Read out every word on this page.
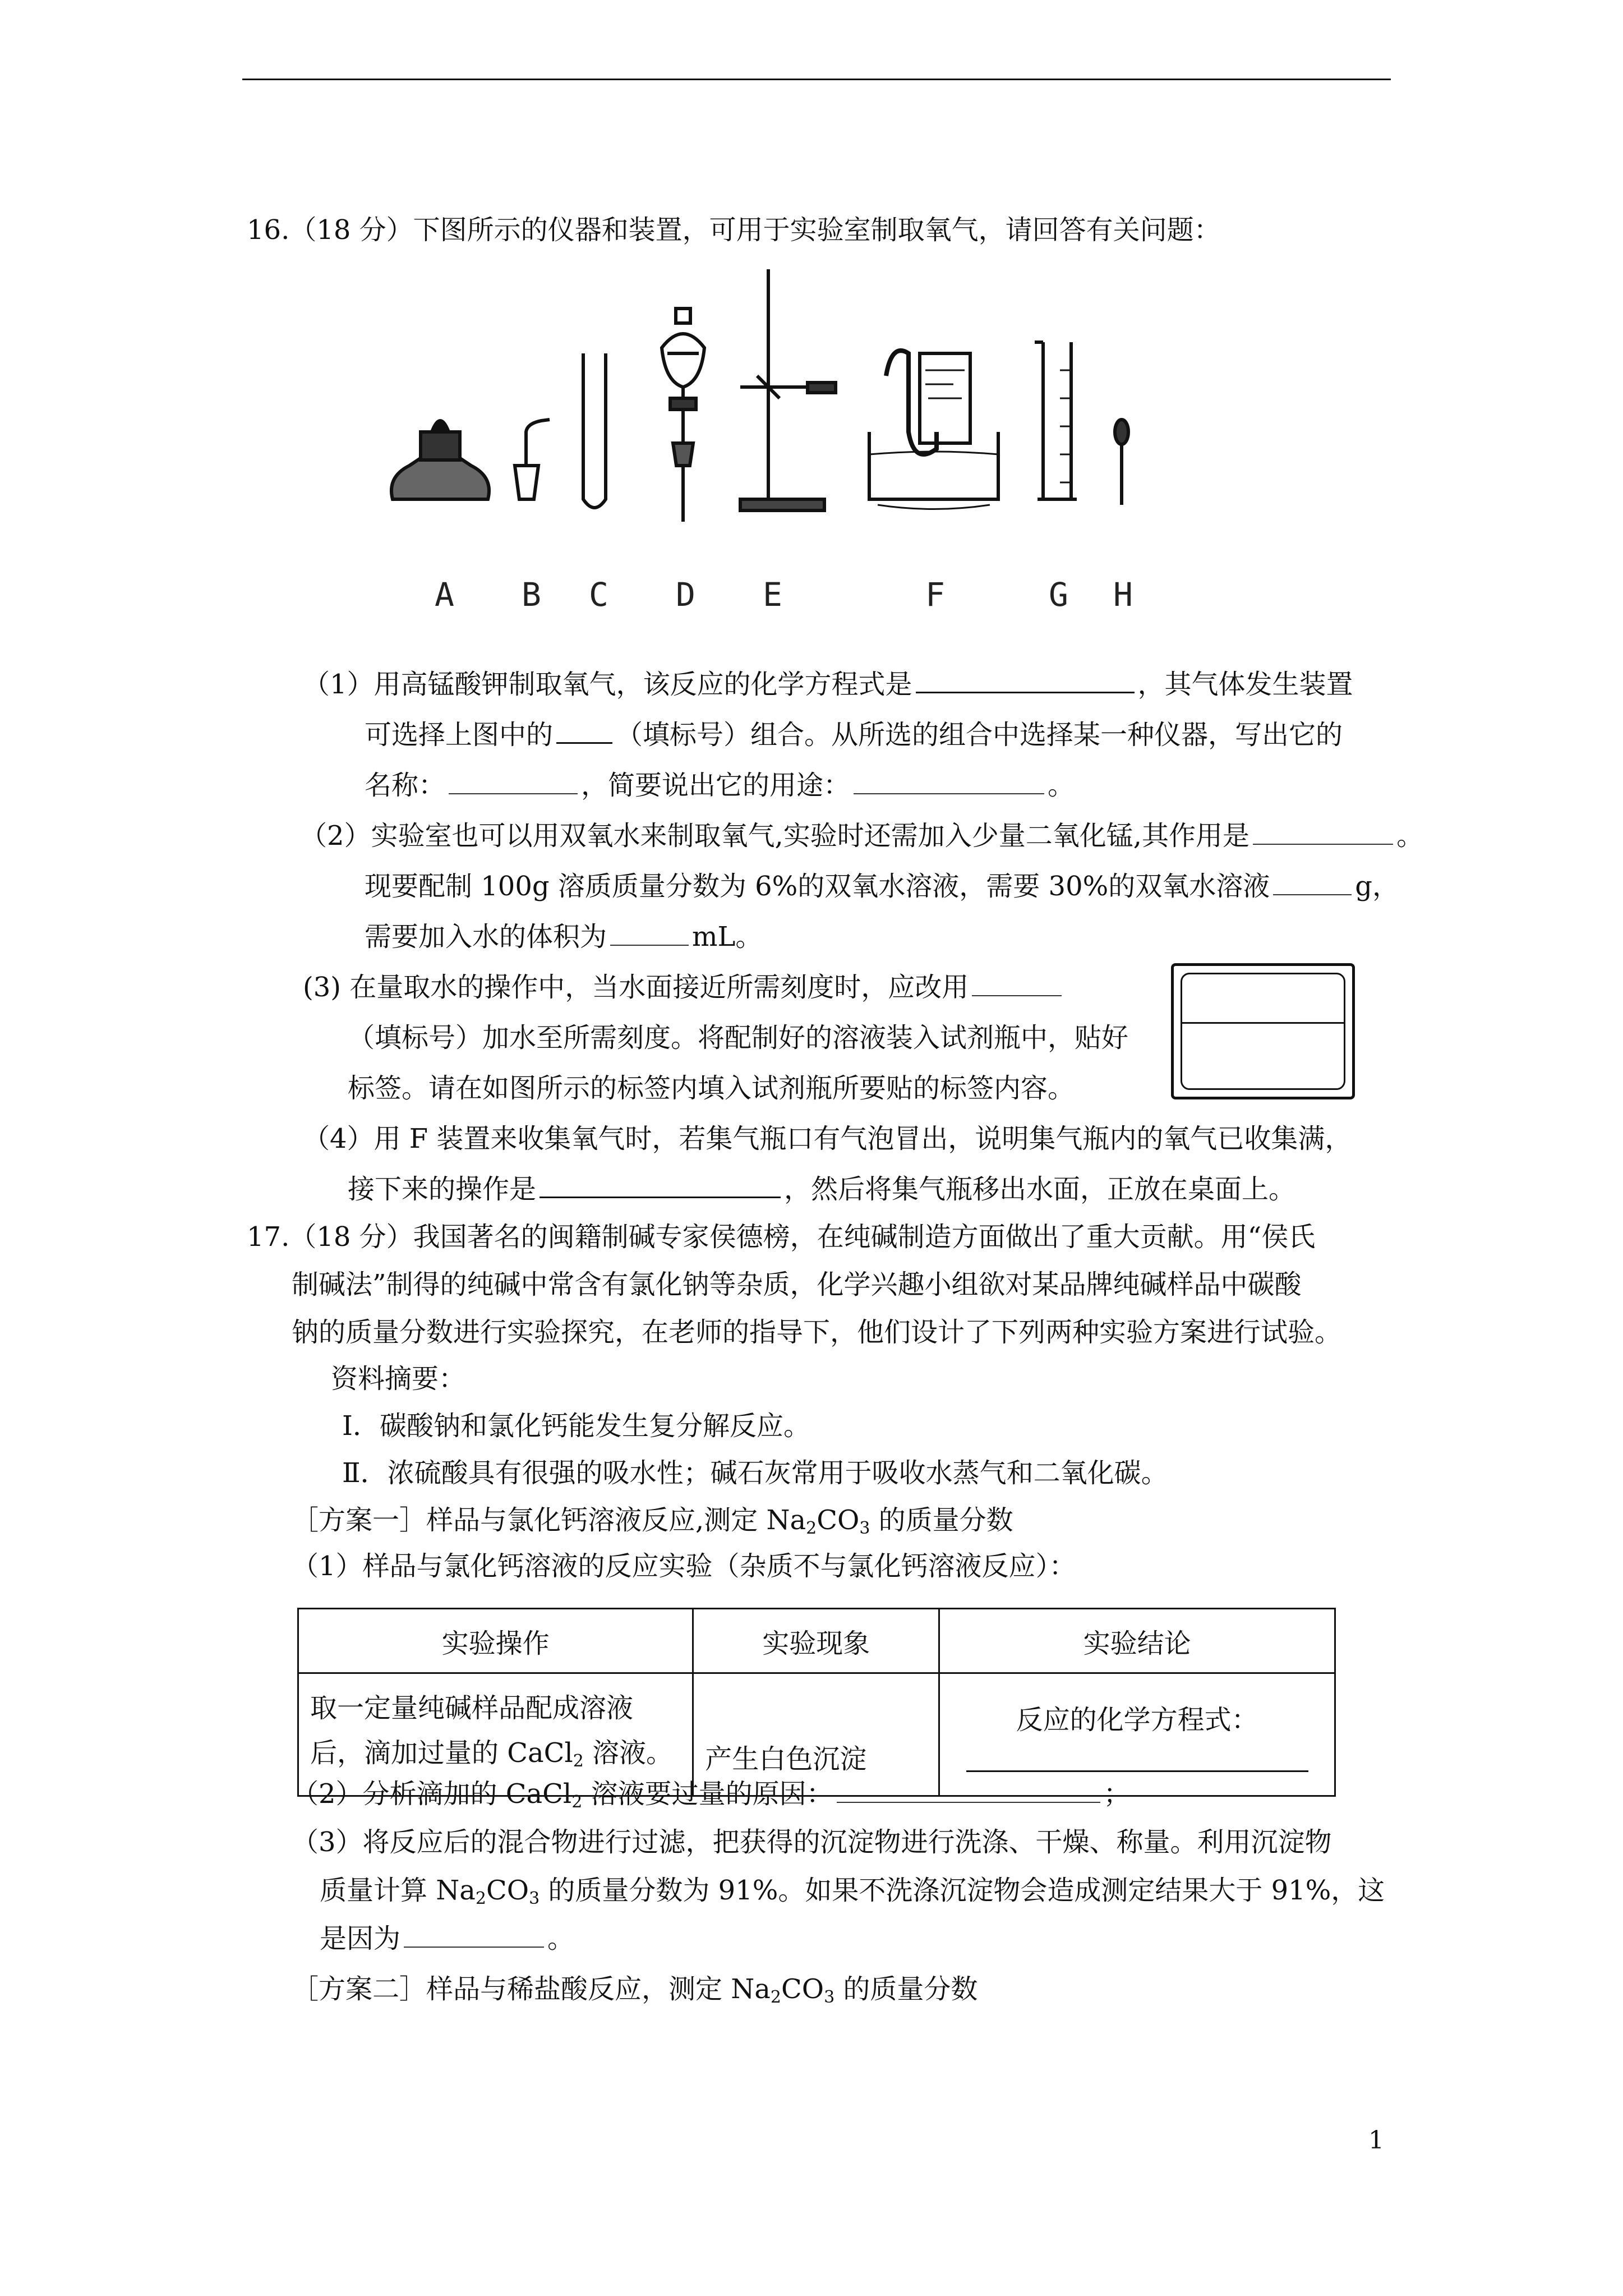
16.（18 分）下图所示的仪器和装置，可用于实验室制取氧气，请回答有关问题：
A B C D E	F	G H
（1）用高锰酸钾制取氧气，该反应的化学方程式是	，其气体发生装置
可选择上图中的 （填标号）组合。从所选的组合中选择某一种仪器，写出它的
名称：	，简要说出它的用途：	。
（2）实验室也可以用双氧水来制取氧气,实验时还需加入少量二氧化锰,其作用是	。
现要配制 100g 溶质质量分数为 6%的双氧水溶液，需要 30%的双氧水溶液	g，
需要加入水的体积为	mL。
(3) 在量取水的操作中，当水面接近所需刻度时，应改用
（填标号）加水至所需刻度。将配制好的溶液装入试剂瓶中，贴好
标签。请在如图所示的标签内填入试剂瓶所要贴的标签内容。
（4）用 F 装置来收集氧气时，若集气瓶口有气泡冒出，说明集气瓶内的氧气已收集满，
接下来的操作是	，然后将集气瓶移出水面，正放在桌面上。
17.（18 分）我国著名的闽籍制碱专家侯德榜，在纯碱制造方面做出了重大贡献。用“侯氏
制碱法”制得的纯碱中常含有氯化钠等杂质，化学兴趣小组欲对某品牌纯碱样品中碳酸
钠的质量分数进行实验探究，在老师的指导下，他们设计了下列两种实验方案进行试验。
资料摘要：
Ⅰ．碳酸钠和氯化钙能发生复分解反应。
Ⅱ．浓硫酸具有很强的吸水性；碱石灰常用于吸收水蒸气和二氧化碳。
［方案一］样品与氯化钙溶液反应,测定 $Na_2CO_3$ 的质量分数
（1）样品与氯化钙溶液的反应实验（杂质不与氯化钙溶液反应）：
实验操作	实验现象	实验结论

取一定量纯碱样品配成溶液
后，滴加过量的 CaCl$_2$ 溶液。	产生白色沉淀	反应的化学方程式：
（2）分析滴加的 CaCl$_2$ 溶液要过量的原因：	；
（3）将反应后的混合物进行过滤，把获得的沉淀物进行洗涤、干燥、称量。利用沉淀物
质量计算 $Na_2CO_3$ 的质量分数为 91%。如果不洗涤沉淀物会造成测定结果大于 91%，这
是因为	。
［方案二］样品与稀盐酸反应，测定 $Na_2CO_3$ 的质量分数
1
